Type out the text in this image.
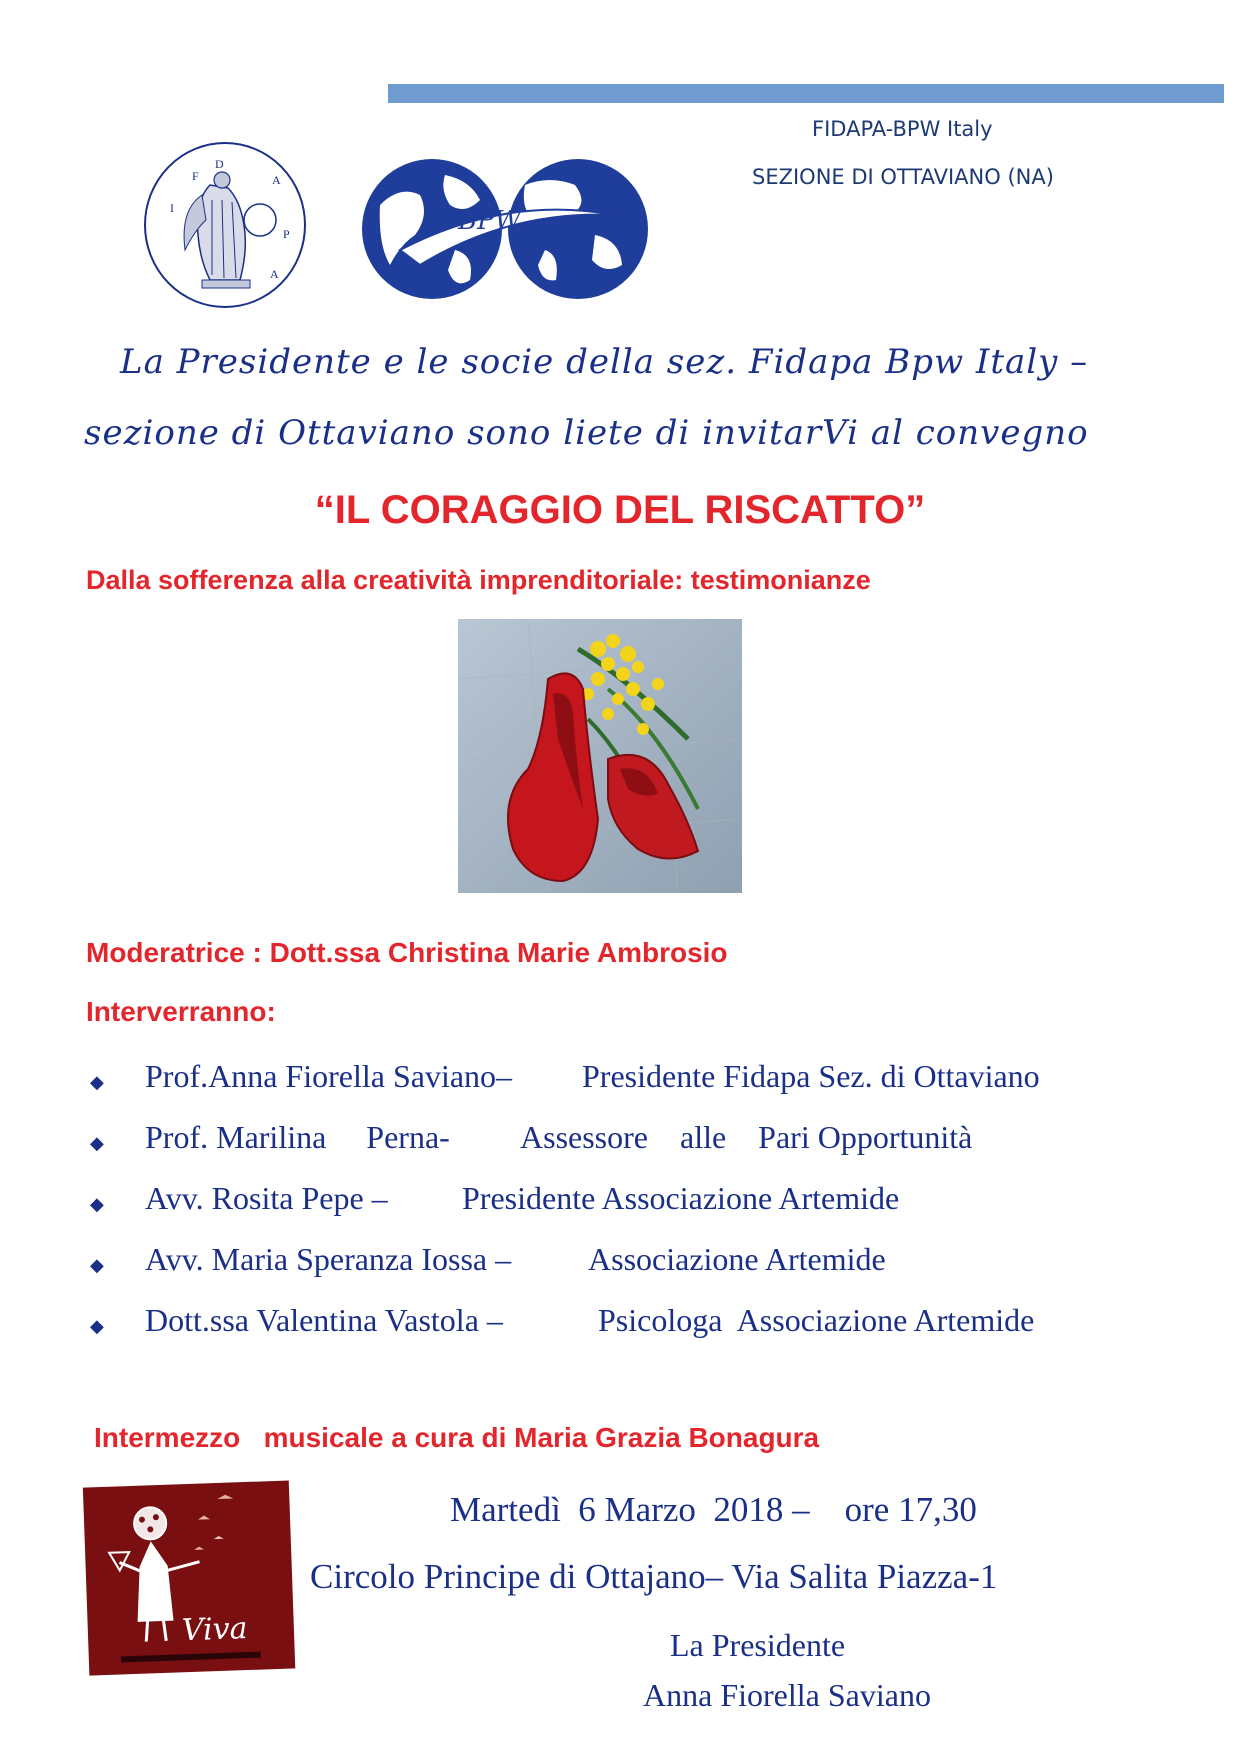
FIDAPA-BPW Italy
SEZIONE DI OTTAVIANO (NA)
F
I
D
A
P
A
BPW
La Presidente e le socie della sez. Fidapa Bpw Italy –
sezione di Ottaviano sono liete di invitarVi al convegno
“IL CORAGGIO DEL RISCATTO”
Dalla sofferenza alla creatività imprenditoriale: testimonianze
Moderatrice : Dott.ssa Christina Marie Ambrosio
Interverranno:
◆ Prof.Anna Fiorella Saviano– Presidente Fidapa Sez. di Ottaviano
◆ Prof. Marilina     Perna- Assessore    alle    Pari Opportunità
◆ Avv. Rosita Pepe – Presidente Associazione Artemide
◆ Avv. Maria Speranza Iossa – Associazione Artemide
◆ Dott.ssa Valentina Vastola –	Psicologa  Associazione Artemide
Intermezzo   musicale a cura di Maria Grazia Bonagura
Viva
Martedì  6 Marzo  2018 –    ore 17,30
Circolo Principe di Ottajano– Via Salita Piazza-1
La Presidente
Anna Fiorella Saviano
